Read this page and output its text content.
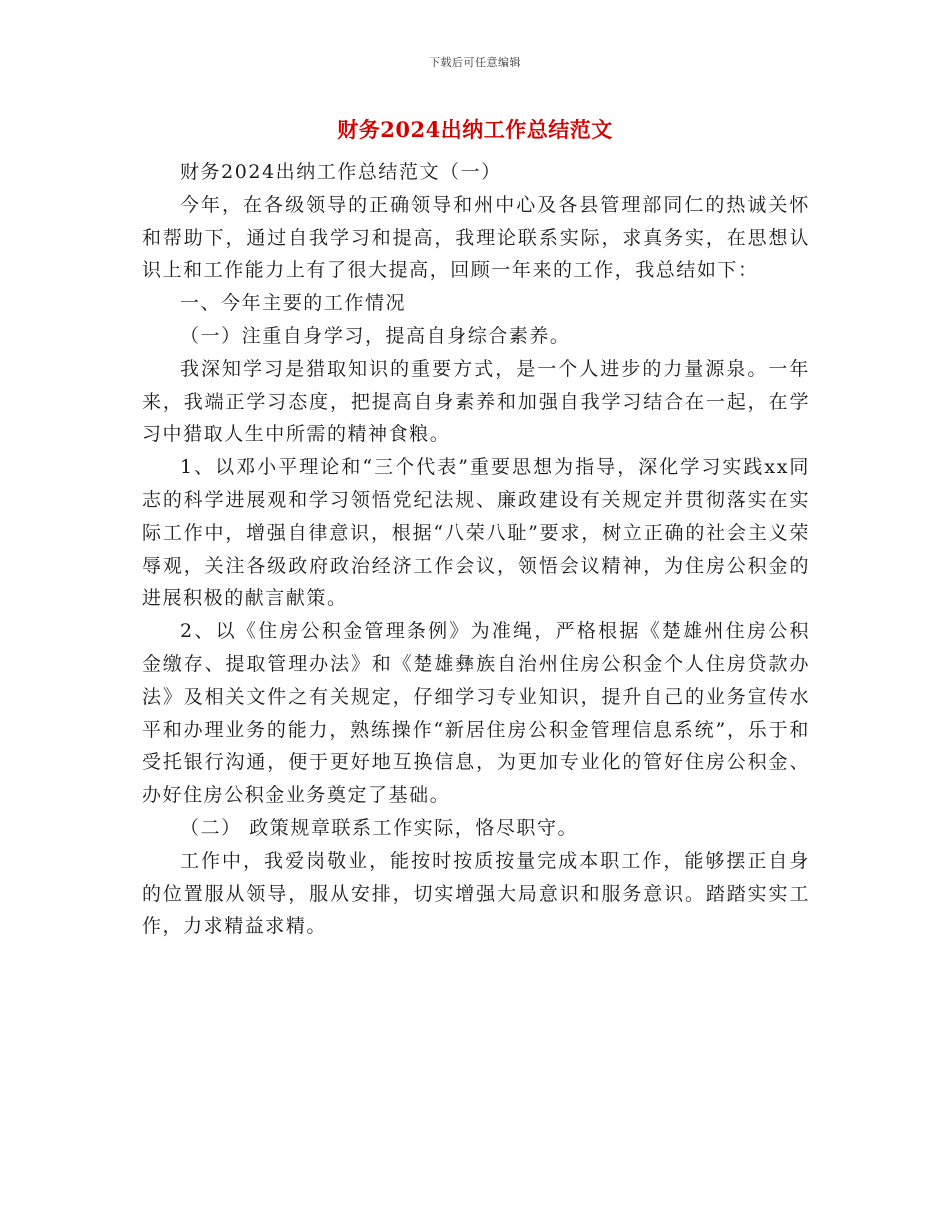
下载后可任意编辑
财务2024出纳工作总结范文

财务2024出纳工作总结范文（一）

今年，在各级领导的正确领导和州中心及各县管理部同仁的热诚关怀和帮助下，通过自我学习和提高，我理论联系实际，求真务实，在思想认识上和工作能力上有了很大提高，回顾一年来的工作，我总结如下：

一、今年主要的工作情况

（一）注重自身学习，提高自身综合素养。

我深知学习是猎取知识的重要方式，是一个人进步的力量源泉。一年来，我端正学习态度，把提高自身素养和加强自我学习结合在一起，在学习中猎取人生中所需的精神食粮。

1、以邓小平理论和“三个代表”重要思想为指导，深化学习实践xx同志的科学进展观和学习领悟党纪法规、廉政建设有关规定并贯彻落实在实际工作中，增强自律意识，根据“八荣八耻”要求，树立正确的社会主义荣辱观，关注各级政府政治经济工作会议，领悟会议精神，为住房公积金的进展积极的献言献策。

2、以《住房公积金管理条例》为准绳，严格根据《楚雄州住房公积金缴存、提取管理办法》和《楚雄彝族自治州住房公积金个人住房贷款办法》及相关文件之有关规定，仔细学习专业知识，提升自己的业务宣传水平和办理业务的能力，熟练操作“新居住房公积金管理信息系统”，乐于和受托银行沟通，便于更好地互换信息，为更加专业化的管好住房公积金、办好住房公积金业务奠定了基础。

（二） 政策规章联系工作实际，恪尽职守。

工作中，我爱岗敬业，能按时按质按量完成本职工作，能够摆正自身的位置服从领导，服从安排，切实增强大局意识和服务意识。踏踏实实工作，力求精益求精。
